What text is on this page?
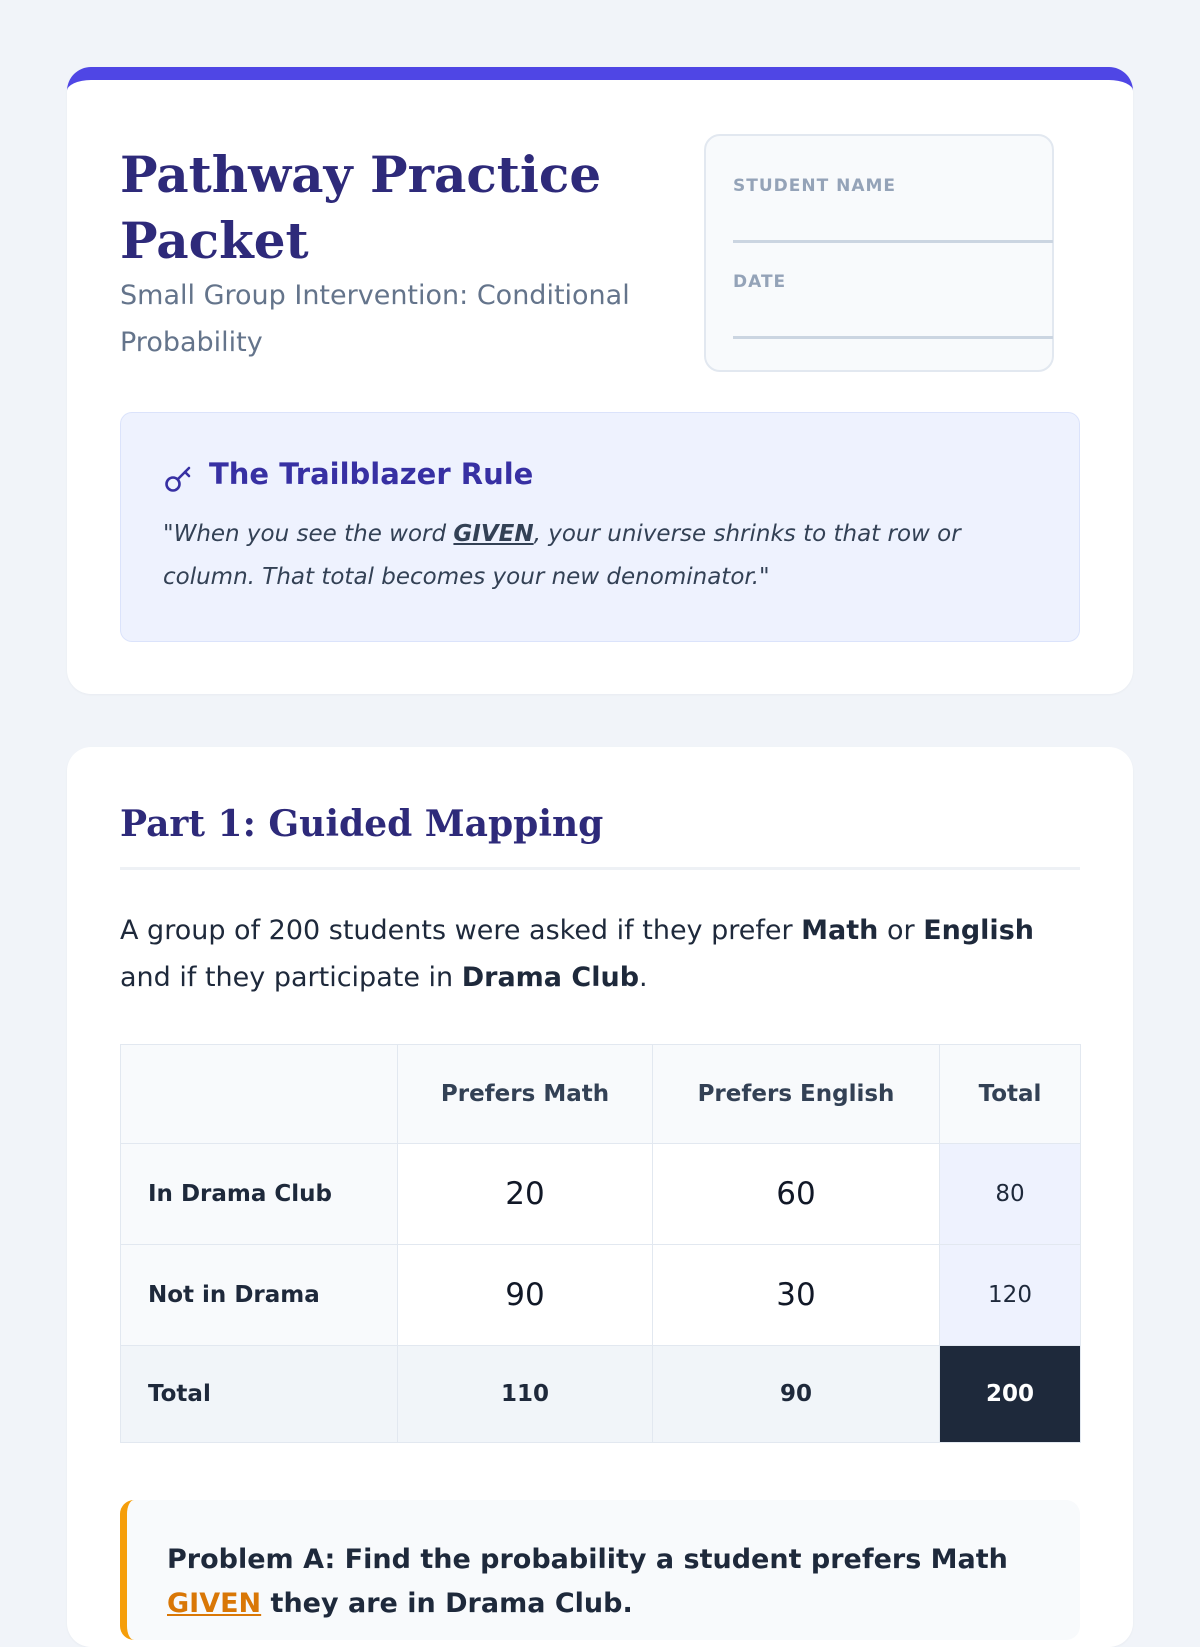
Pathway Practice Packet

Small Group Intervention: Conditional Probability

STUDENT NAME
DATE
The Trailblazer Rule

"When you see the word GIVEN, your universe shrinks to that row or column. That total becomes your new denominator."

Part 1: Guided Mapping

A group of 200 students were asked if they prefer Math or English and if they participate in Drama Club.

	Prefers Math	Prefers English	Total
In Drama Club	20	60	80
Not in Drama	90	30	120
Total	110	90	200

Problem A: Find the probability a student prefers Math GIVEN they are in Drama Club.
